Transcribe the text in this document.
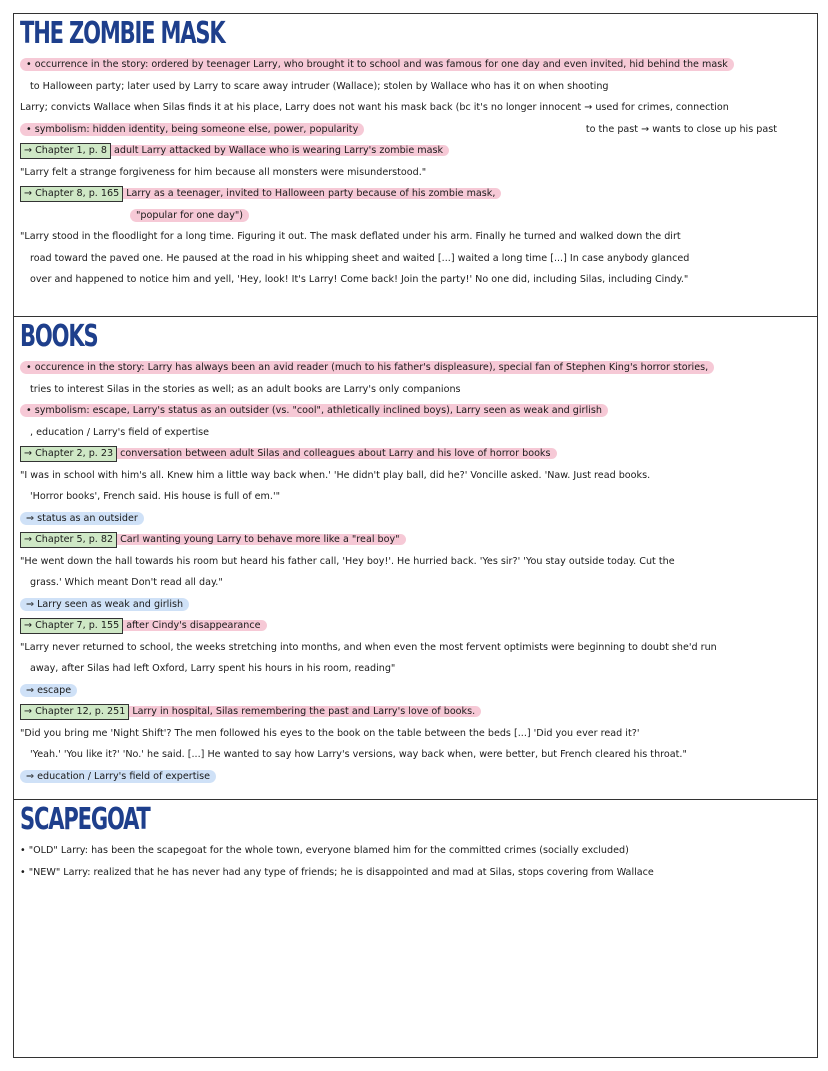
THE ZOMBIE MASK
• occurrence in the story: ordered by teenager Larry, who brought it to school and was famous for one day and even invited, hid behind the mask
to Halloween party; later used by Larry to scare away intruder (Wallace); stolen by Wallace who has it on when shooting
Larry; convicts Wallace when Silas finds it at his place, Larry does not want his mask back (bc it's no longer innocent → used for crimes, connection
• symbolism: hidden identity, being someone else, power, popularity	to the past → wants to close up his past
→ Chapter 1, p. 8 adult Larry attacked by Wallace who is wearing Larry's zombie mask
"Larry felt a strange forgiveness for him because all monsters were misunderstood."
→ Chapter 8, p. 165 Larry as a teenager, invited to Halloween party because of his zombie mask,
"popular for one day")
"Larry stood in the floodlight for a long time. Figuring it out. The mask deflated under his arm. Finally he turned and walked down the dirt
road toward the paved one. He paused at the road in his whipping sheet and waited [...] waited a long time [...] In case anybody glanced
over and happened to notice him and yell, 'Hey, look! It's Larry! Come back! Join the party!' No one did, including Silas, including Cindy."
BOOKS
• occurence in the story: Larry has always been an avid reader (much to his father's displeasure), special fan of Stephen King's horror stories,
tries to interest Silas in the stories as well; as an adult books are Larry's only companions
• symbolism: escape, Larry's status as an outsider (vs. "cool", athletically inclined boys), Larry seen as weak and girlish
, education / Larry's field of expertise
→ Chapter 2, p. 23 conversation between adult Silas and colleagues about Larry and his love of horror books
"I was in school with him's all. Knew him a little way back when.' 'He didn't play ball, did he?' Voncille asked. 'Naw. Just read books.
'Horror books', French said. His house is full of em.'"
⇒ status as an outsider
→ Chapter 5, p. 82 Carl wanting young Larry to behave more like a "real boy"
"He went down the hall towards his room but heard his father call, 'Hey boy!'. He hurried back. 'Yes sir?' 'You stay outside today. Cut the
grass.' Which meant Don't read all day."
⇒ Larry seen as weak and girlish
→ Chapter 7, p. 155 after Cindy's disappearance
"Larry never returned to school, the weeks stretching into months, and when even the most fervent optimists were beginning to doubt she'd run
away, after Silas had left Oxford, Larry spent his hours in his room, reading"
⇒ escape
→ Chapter 12, p. 251 Larry in hospital, Silas remembering the past and Larry's love of books.
"Did you bring me 'Night Shift'? The men followed his eyes to the book on the table between the beds [...] 'Did you ever read it?'
'Yeah.' 'You like it?' 'No.' he said. [...] He wanted to say how Larry's versions, way back when, were better, but French cleared his throat."
⇒ education / Larry's field of expertise
SCAPEGOAT
• "OLD" Larry: has been the scapegoat for the whole town, everyone blamed him for the committed crimes (socially excluded)
• "NEW" Larry: realized that he has never had any type of friends; he is disappointed and mad at Silas, stops covering from Wallace
